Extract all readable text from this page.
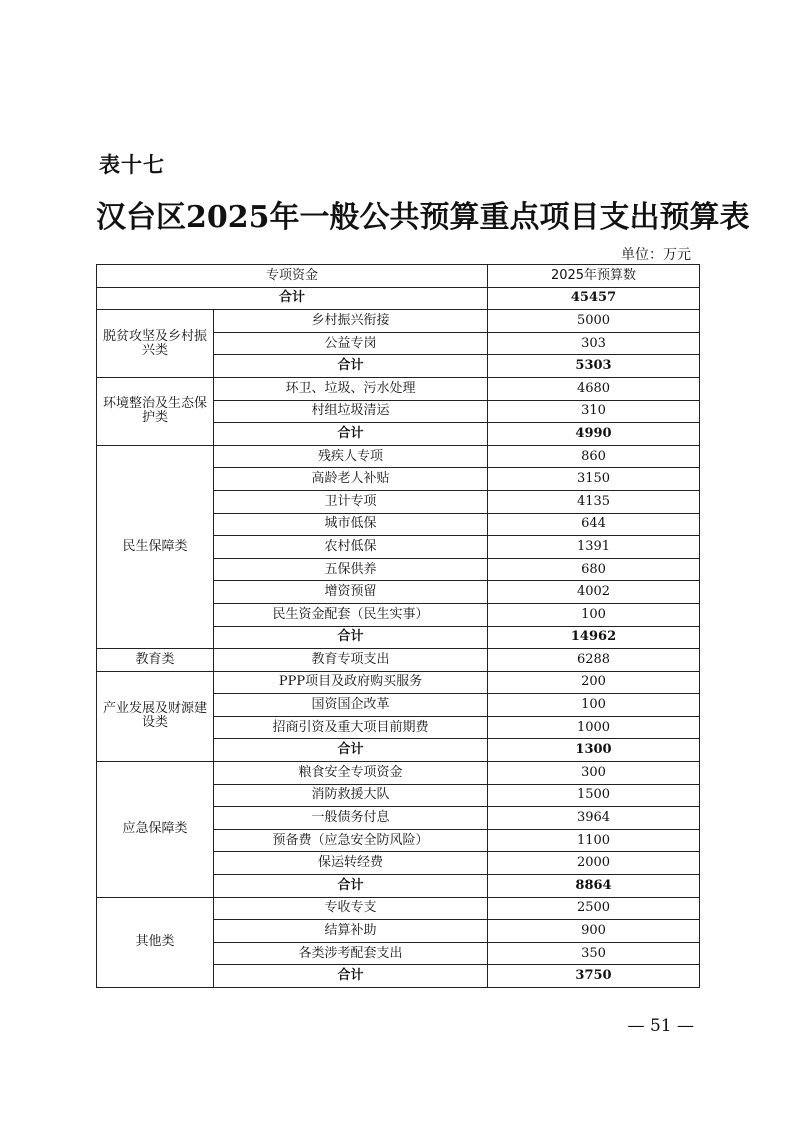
表十七
汉台区2025年一般公共预算重点项目支出预算表
单位：万元
专项资金		2025年预算数
合计		45457
脱贫攻坚及乡村振兴类	乡村振兴衔接	5000
	公益专岗	303
	合计	5303
环境整治及生态保护类	环卫、垃圾、污水处理	4680
	村组垃圾清运	310
	合计	4990
民生保障类	残疾人专项	860
	高龄老人补贴	3150
	卫计专项	4135
	城市低保	644
	农村低保	1391
	五保供养	680
	增资预留	4002
	民生资金配套（民生实事）	100
	合计	14962
教育类	教育专项支出	6288
产业发展及财源建设类	PPP项目及政府购买服务	200
	国资国企改革	100
	招商引资及重大项目前期费	1000
	合计	1300
应急保障类	粮食安全专项资金	300
	消防救援大队	1500
	一般债务付息	3964
	预备费（应急安全防风险）	1100
	保运转经费	2000
	合计	8864
其他类	专收专支	2500
	结算补助	900
	各类涉考配套支出	350
	合计	3750
— 51 —
